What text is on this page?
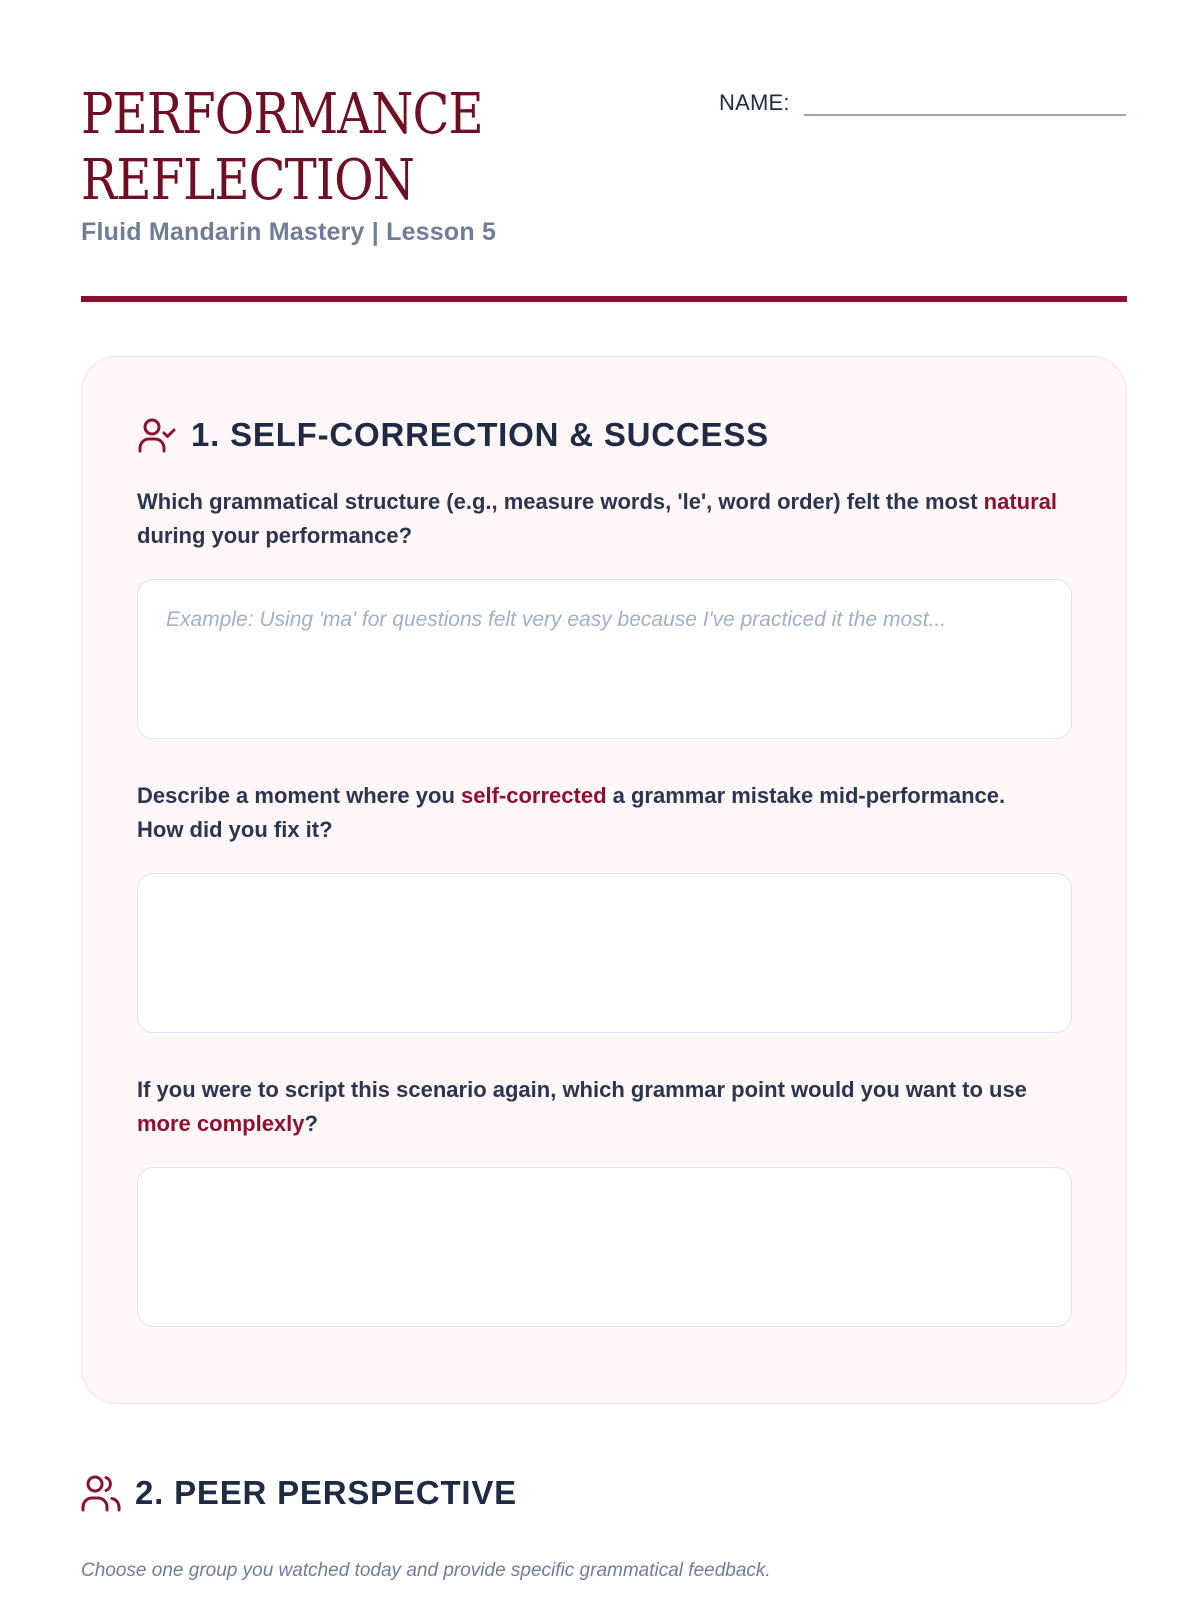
PERFORMANCE
REFLECTION
Fluid Mandarin Mastery | Lesson 5
NAME:
1. SELF-CORRECTION & SUCCESS
Which grammatical structure (e.g., measure words, 'le', word order) felt the most natural during your performance?
Example: Using 'ma' for questions felt very easy because I've practiced it the most...
Describe a moment where you self-corrected a grammar mistake mid-performance. How did you fix it?
If you were to script this scenario again, which grammar point would you want to use more complexly?
2. PEER PERSPECTIVE
Choose one group you watched today and provide specific grammatical feedback.
